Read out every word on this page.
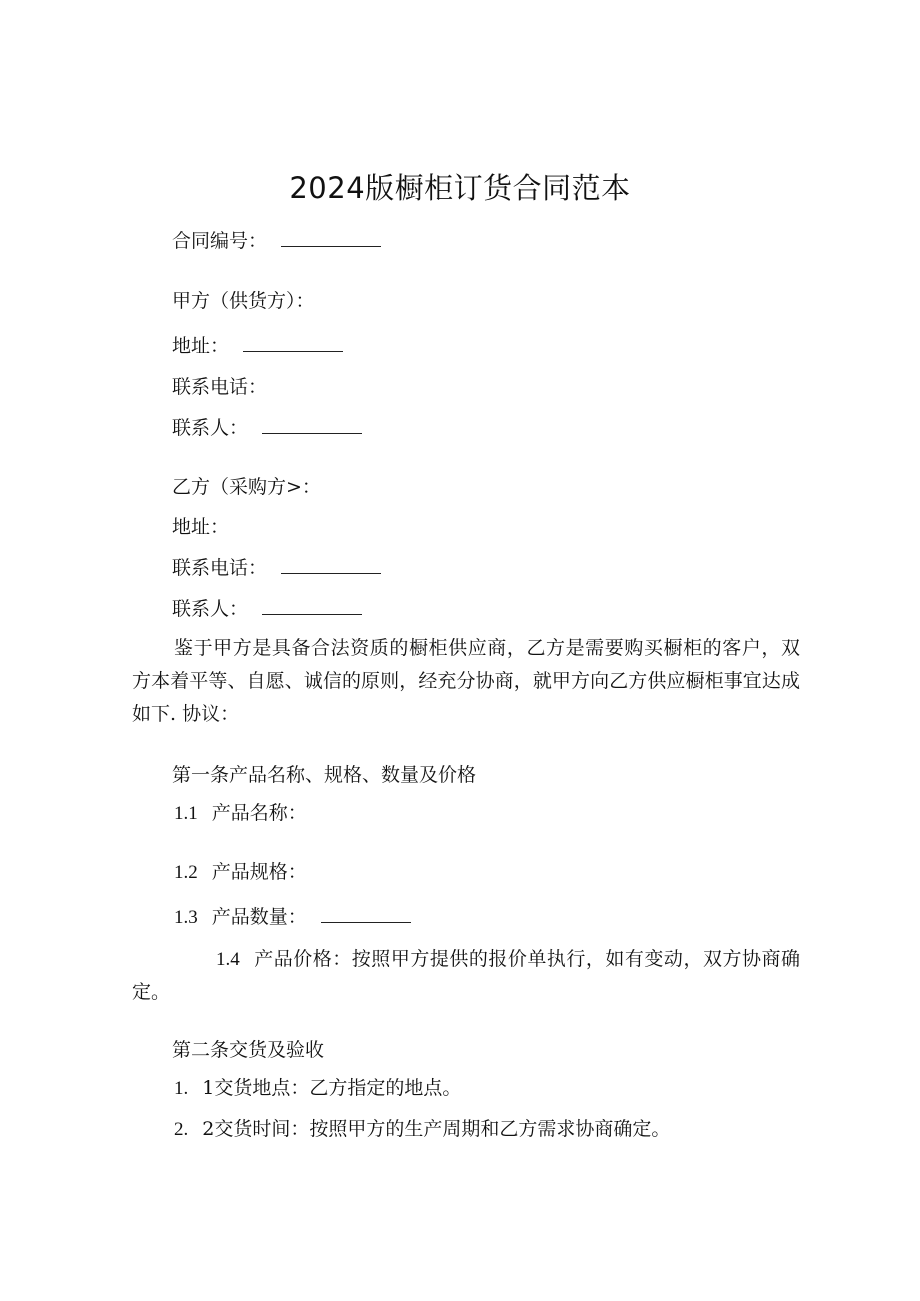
2024版橱柜订货合同范本
合同编号：
甲方（供货方）：
地址：
联系电话：
联系人：
乙方（采购方>：
地址：
联系电话：
联系人：
鉴于甲方是具备合法资质的橱柜供应商，乙方是需要购买橱柜的客户，双方本着平等、自愿、诚信的原则，经充分协商，就甲方向乙方供应橱柜事宜达成如下. 协议：
第一条产品名称、规格、数量及价格
1.1 产品名称：
1.2 产品规格：
1.3 产品数量：
1.4 产品价格：按照甲方提供的报价单执行，如有变动，双方协商确定。
第二条交货及验收
1. 1交货地点：乙方指定的地点。
2. 2交货时间：按照甲方的生产周期和乙方需求协商确定。
